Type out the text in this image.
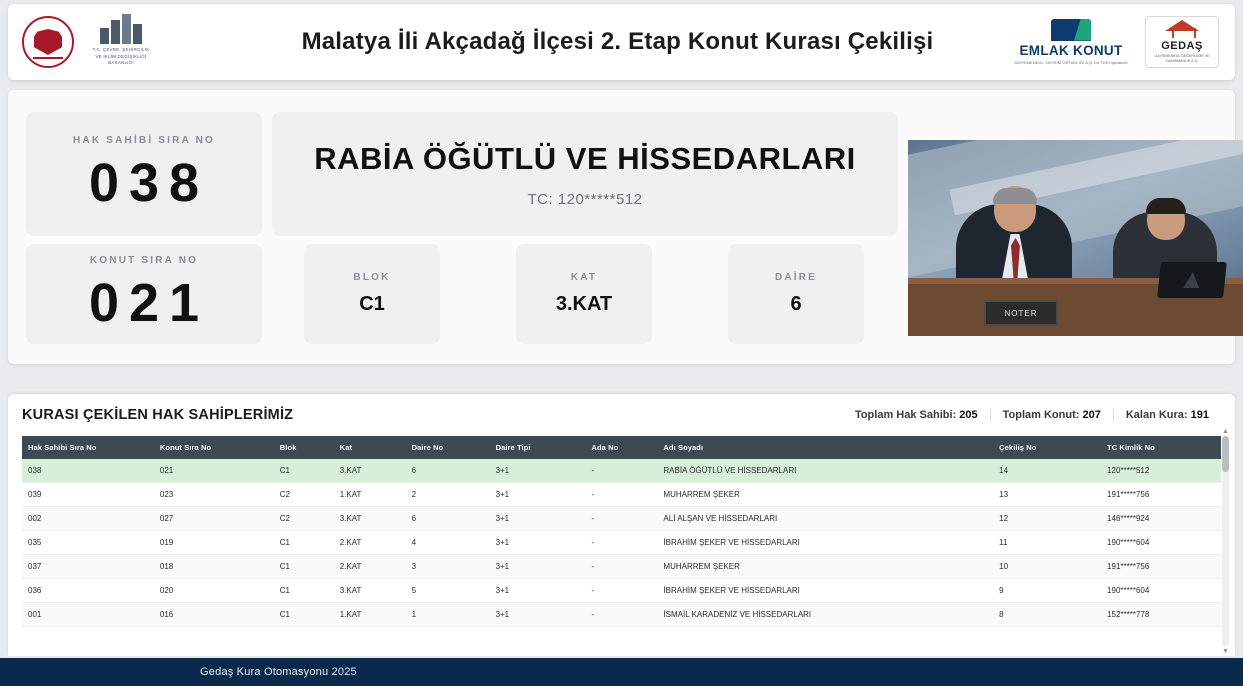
T.C. ÇEVRE, ŞEHİRCİLİK VE İKLİM DEĞİŞİKLİĞİ BAKANLIĞI
Malatya İli Akçadağ İlçesi 2. Etap Konut Kurası Çekilişi	EMLAK KONUT
GAYRİMENKUL YATIRIM ORTAKLIĞI A.Ş. bir TOKİ iştirakidir
GEDAŞ
GAYRİMENKUL DEĞERLEME VE DANIŞMANLIK A.Ş.
HAK SAHİBİ SIRA NO
038	RABİA ÖĞÜTLÜ VE HİSSEDARLARI
TC: 120*****512
KONUT SIRA NO
021	BLOK
C1
KAT
3.KAT
DAİRE
6	NOTER
KURASI ÇEKİLEN HAK SAHİPLERİMİZ	Toplam Hak Sahibi: 205	Toplam Konut: 207	Kalan Kura: 191
Hak Sahibi Sıra No	Konut Sıra No	Blok	Kat	Daire No	Daire Tipi	Ada No	Adı Soyadı	Çekiliş No	TC Kimlik No
038	021	C1	3.KAT	6	3+1	-	RABİA ÖĞÜTLÜ VE HİSSEDARLARI	14	120*****512
039	023	C2	1.KAT	2	3+1	-	MUHARREM ŞEKER	13	191*****756
002	027	C2	3.KAT	6	3+1	-	ALİ ALŞAN VE HİSSEDARLARI	12	146*****924
035	019	C1	2.KAT	4	3+1	-	İBRAHİM ŞEKER VE HİSSEDARLARI	11	190*****604
037	018	C1	2.KAT	3	3+1	-	MUHARREM ŞEKER	10	191*****756
036	020	C1	3.KAT	5	3+1	-	İBRAHİM ŞEKER VE HİSSEDARLARI	9	190*****604
001	016	C1	1.KAT	1	3+1	-	İSMAİL KARADENİZ VE HİSSEDARLARI	8	152*****778
▲
▼
Gedaş Kura Otomasyonu 2025
